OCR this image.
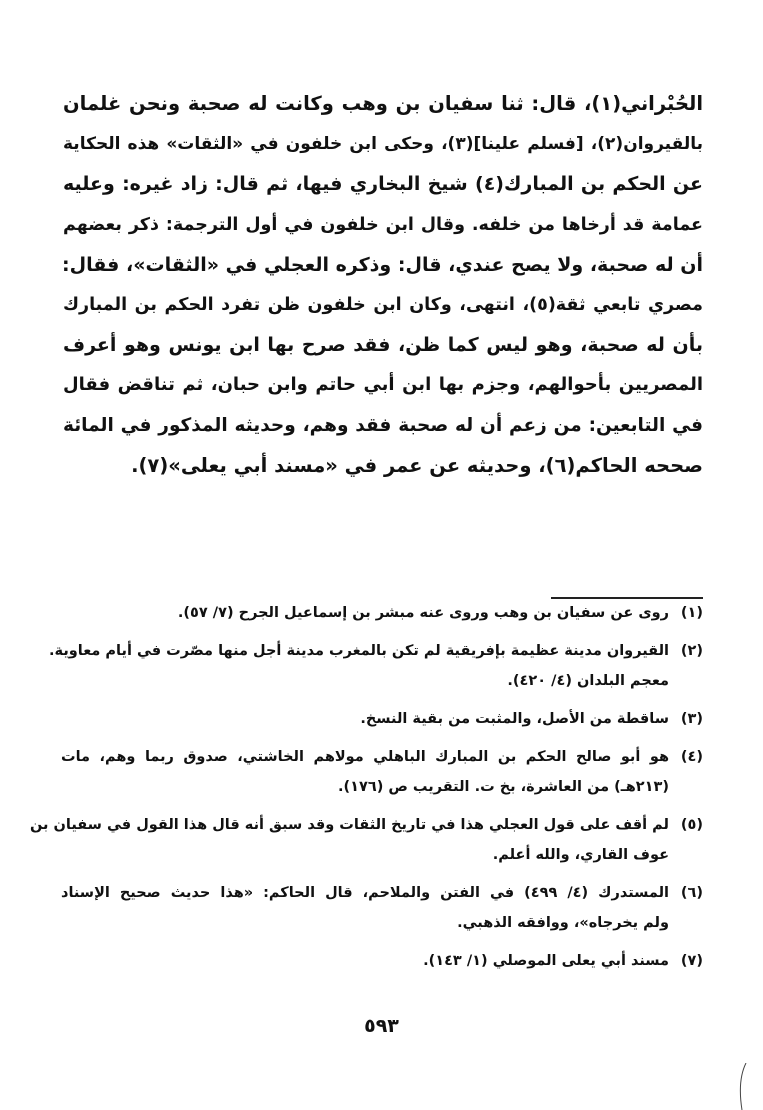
الحُبْراني(١)، قال: ثنا سفيان بن وهب وكانت له صحبة ونحن غلمان
بالقيروان(٢)، [فسلم علينا](٣)، وحكى ابن خلفون في «الثقات» هذه الحكاية
عن الحكم بن المبارك(٤) شيخ البخاري فيها، ثم قال: زاد غيره: وعليه
عمامة قد أرخاها من خلفه. وقال ابن خلفون في أول الترجمة: ذكر بعضهم
أن له صحبة، ولا يصح عندي، قال: وذكره العجلي في «الثقات»، فقال:
مصري تابعي ثقة(٥)، انتهى، وكان ابن خلفون ظن تفرد الحكم بن المبارك
بأن له صحبة، وهو ليس كما ظن، فقد صرح بها ابن يونس وهو أعرف
المصريين بأحوالهم، وجزم بها ابن أبي حاتم وابن حبان، ثم تناقض فقال
في التابعين: من زعم أن له صحبة فقد وهم، وحديثه المذكور في المائة
صححه الحاكم(٦)، وحديثه عن عمر في «مسند أبي يعلى»(٧).
(١)
روى عن سفيان بن وهب وروى عنه مبشر بن إسماعيل الجرح (٧/ ٥٧).
(٢)
القيروان مدينة عظيمة بإفريقية لم تكن بالمغرب مدينة أجل منها مصّرت في أيام معاوية.
معجم البلدان (٤/ ٤٢٠).
(٣)
ساقطة من الأصل، والمثبت من بقية النسخ.
(٤)
هو أبو صالح الحكم بن المبارك الباهلي مولاهم الخاشتي، صدوق ربما وهم، مات
(٢١٣هـ) من العاشرة، بخ ت. التقريب ص (١٧٦).
(٥)
لم أقف على قول العجلي هذا في تاريخ الثقات وقد سبق أنه قال هذا القول في سفيان بن
عوف القاري، والله أعلم.
(٦)
المستدرك (٤/ ٤٩٩) في الفتن والملاحم، قال الحاكم: «هذا حديث صحيح الإسناد
ولم يخرجاه»، ووافقه الذهبي.
(٧)
مسند أبي يعلى الموصلي (١/ ١٤٣).
٥٩٣
